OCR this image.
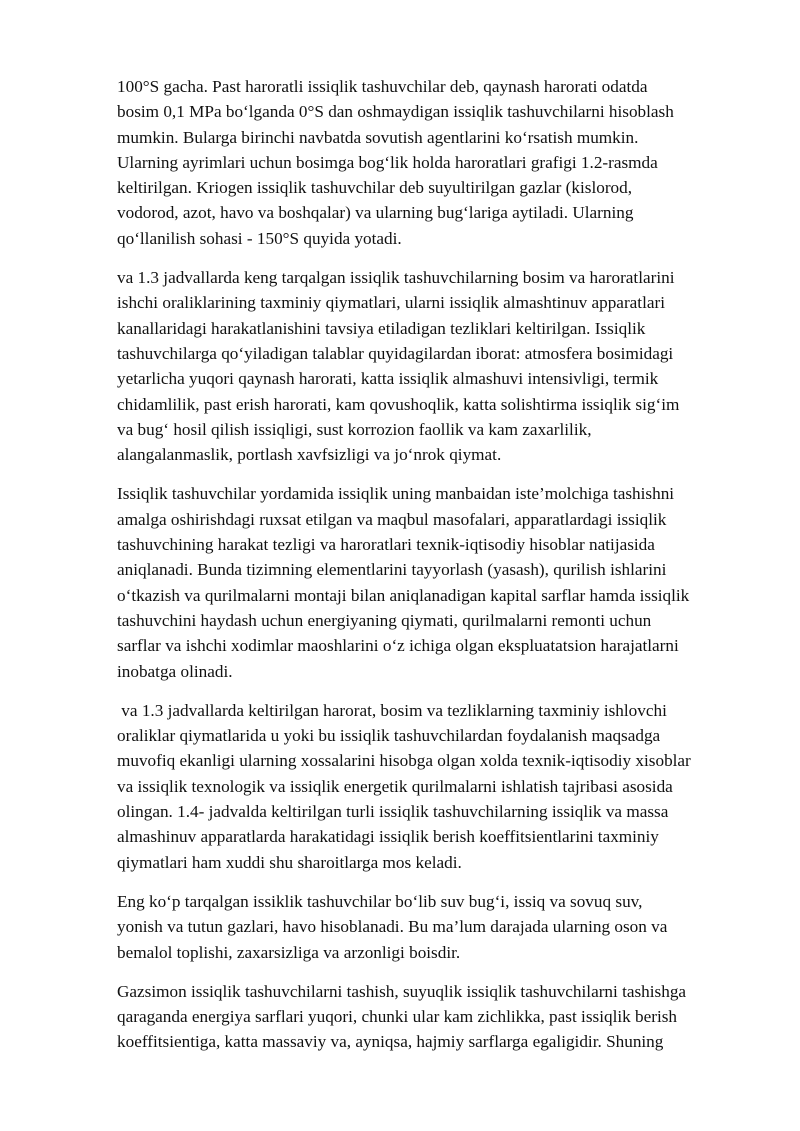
100°S gacha. Past haroratli issiqlik tashuvchilar deb, qaynash harorati odatda
bosim 0,1 MPa bo‘lganda 0°S dan oshmaydigan issiqlik tashuvchilarni hisoblash
mumkin. Bularga birinchi navbatda sovutish agentlarini ko‘rsatish mumkin.
Ularning ayrimlari uchun bosimga bog‘lik holda haroratlari grafigi 1.2-rasmda
keltirilgan. Kriogen issiqlik tashuvchilar deb suyultirilgan gazlar (kislorod,
vodorod, azot, havo va boshqalar) va ularning bug‘lariga aytiladi. Ularning
qo‘llanilish sohasi - 150°S quyida yotadi.

va 1.3 jadvallarda keng tarqalgan issiqlik tashuvchilarning bosim va haroratlarini
ishchi oraliklarining taxminiy qiymatlari, ularni issiqlik almashtinuv apparatlari
kanallaridagi harakatlanishini tavsiya etiladigan tezliklari keltirilgan. Issiqlik
tashuvchilarga qo‘yiladigan talablar quyidagilardan iborat: atmosfera bosimidagi
yetarlicha yuqori qaynash harorati, katta issiqlik almashuvi intensivligi, termik
chidamlilik, past erish harorati, kam qovushoqlik, katta solishtirma issiqlik sig‘im
va bug‘ hosil qilish issiqligi, sust korrozion faollik va kam zaxarlilik,
alangalanmaslik, portlash xavfsizligi va jo‘nrok qiymat.

Issiqlik tashuvchilar yordamida issiqlik uning manbaidan iste’molchiga tashishni
amalga oshirishdagi ruxsat etilgan va maqbul masofalari, apparatlardagi issiqlik
tashuvchining harakat tezligi va haroratlari texnik-iqtisodiy hisoblar natijasida
aniqlanadi. Bunda tizimning elementlarini tayyorlash (yasash), qurilish ishlarini
o‘tkazish va qurilmalarni montaji bilan aniqlanadigan kapital sarflar hamda issiqlik
tashuvchini haydash uchun energiyaning qiymati, qurilmalarni remonti uchun
sarflar va ishchi xodimlar maoshlarini o‘z ichiga olgan ekspluatatsion harajatlarni
inobatga olinadi.

va 1.3 jadvallarda keltirilgan harorat, bosim va tezliklarning taxminiy ishlovchi
oraliklar qiymatlarida u yoki bu issiqlik tashuvchilardan foydalanish maqsadga
muvofiq ekanligi ularning xossalarini hisobga olgan xolda texnik-iqtisodiy xisoblar
va issiqlik texnologik va issiqlik energetik qurilmalarni ishlatish tajribasi asosida
olingan. 1.4- jadvalda keltirilgan turli issiqlik tashuvchilarning issiqlik va massa
almashinuv apparatlarda harakatidagi issiqlik berish koeffitsientlarini taxminiy
qiymatlari ham xuddi shu sharoitlarga mos keladi.

Eng ko‘p tarqalgan issiklik tashuvchilar bo‘lib suv bug‘i, issiq va sovuq suv,
yonish va tutun gazlari, havo hisoblanadi. Bu ma’lum darajada ularning oson va
bemalol toplishi, zaxarsizliga va arzonligi boisdir.

Gazsimon issiqlik tashuvchilarni tashish, suyuqlik issiqlik tashuvchilarni tashishga
qaraganda energiya sarflari yuqori, chunki ular kam zichlikka, past issiqlik berish
koeffitsientiga, katta massaviy va, ayniqsa, hajmiy sarflarga egaligidir. Shuning
